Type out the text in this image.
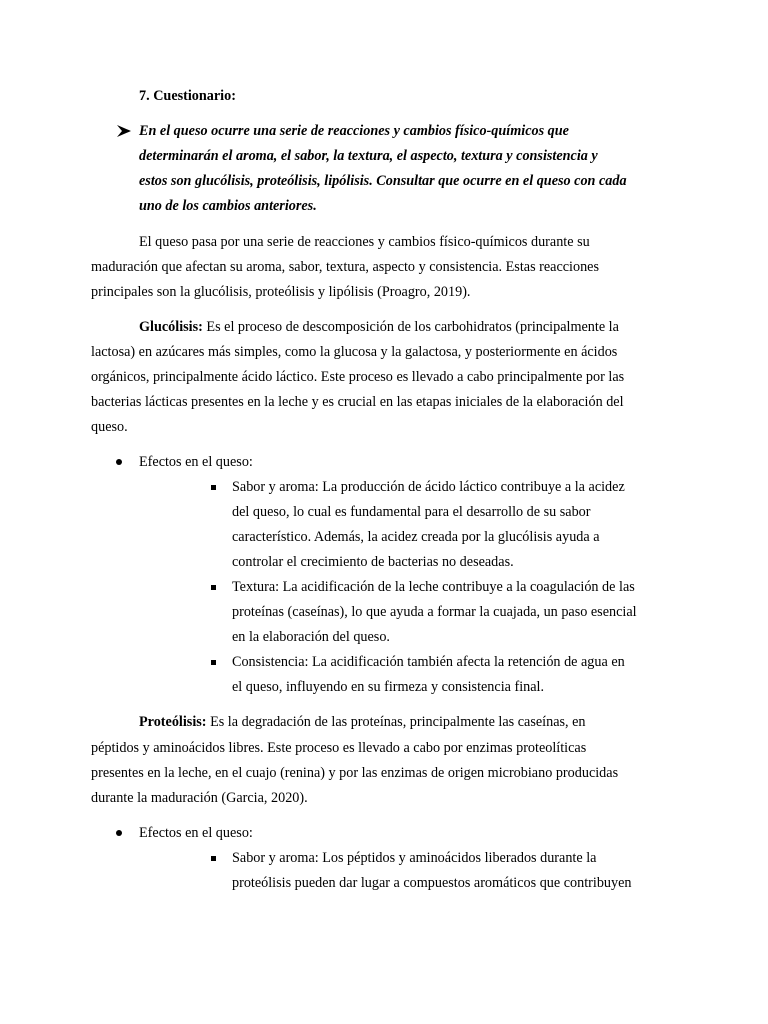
7. Cuestionario:
En el queso ocurre una serie de reacciones y cambios físico-químicos que
determinarán el aroma, el sabor, la textura, el aspecto, textura y consistencia y
estos son glucólisis, proteólisis, lipólisis. Consultar que ocurre en el queso con cada
uno de los cambios anteriores.
El queso pasa por una serie de reacciones y cambios físico-químicos durante su
maduración que afectan su aroma, sabor, textura, aspecto y consistencia. Estas reacciones
principales son la glucólisis, proteólisis y lipólisis (Proagro, 2019).
Glucólisis: Es el proceso de descomposición de los carbohidratos (principalmente la
lactosa) en azúcares más simples, como la glucosa y la galactosa, y posteriormente en ácidos
orgánicos, principalmente ácido láctico. Este proceso es llevado a cabo principalmente por las
bacterias lácticas presentes en la leche y es crucial en las etapas iniciales de la elaboración del
queso.
Efectos en el queso:
Sabor y aroma: La producción de ácido láctico contribuye a la acidez
del queso, lo cual es fundamental para el desarrollo de su sabor
característico. Además, la acidez creada por la glucólisis ayuda a
controlar el crecimiento de bacterias no deseadas.
Textura: La acidificación de la leche contribuye a la coagulación de las
proteínas (caseínas), lo que ayuda a formar la cuajada, un paso esencial
en la elaboración del queso.
Consistencia: La acidificación también afecta la retención de agua en
el queso, influyendo en su firmeza y consistencia final.
Proteólisis: Es la degradación de las proteínas, principalmente las caseínas, en
péptidos y aminoácidos libres. Este proceso es llevado a cabo por enzimas proteolíticas
presentes en la leche, en el cuajo (renina) y por las enzimas de origen microbiano producidas
durante la maduración (Garcia, 2020).
Efectos en el queso:
Sabor y aroma: Los péptidos y aminoácidos liberados durante la
proteólisis pueden dar lugar a compuestos aromáticos que contribuyen
